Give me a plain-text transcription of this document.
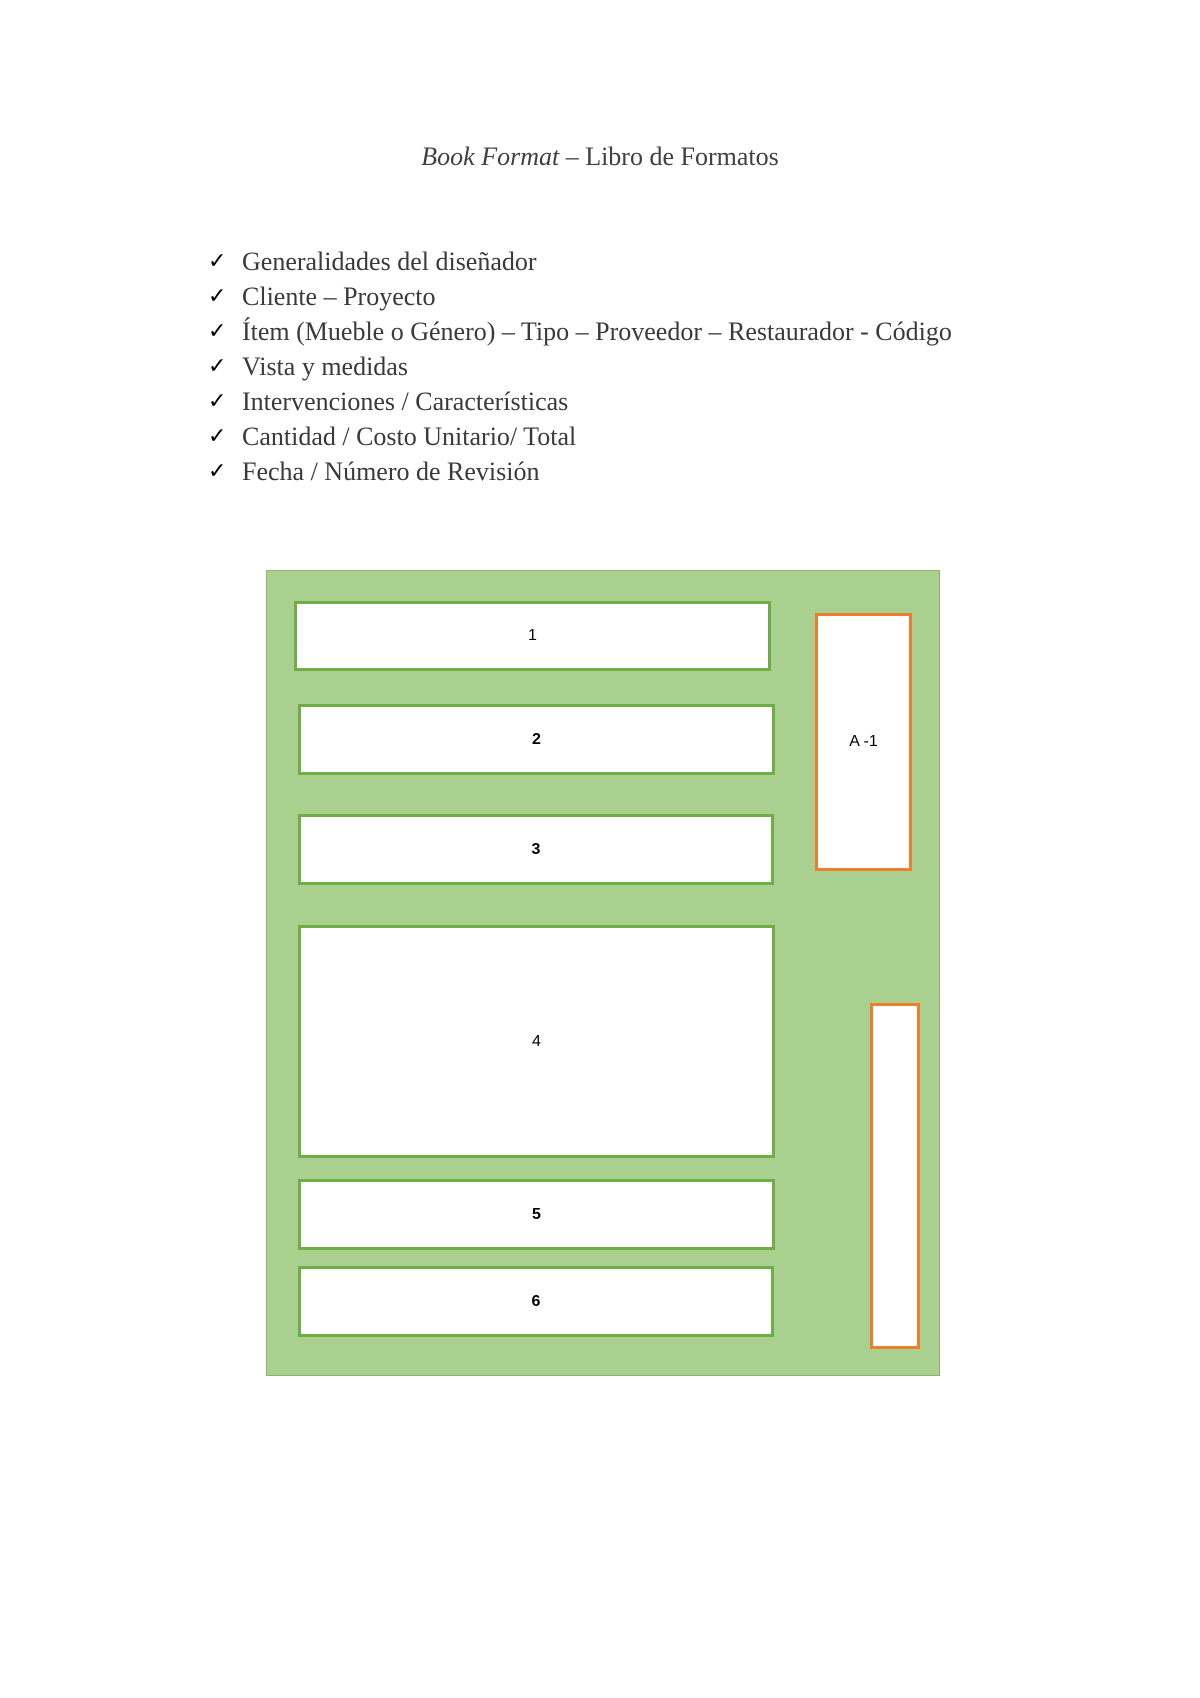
Book Format – Libro de Formatos
✓ Generalidades del diseñador
✓ Cliente – Proyecto
✓ Ítem (Mueble o Género) – Tipo – Proveedor – Restaurador - Código
✓ Vista y medidas
✓ Intervenciones / Características
✓ Cantidad / Costo Unitario/ Total
✓ Fecha / Número de Revisión
1
2
3
4
5
6
A -1
